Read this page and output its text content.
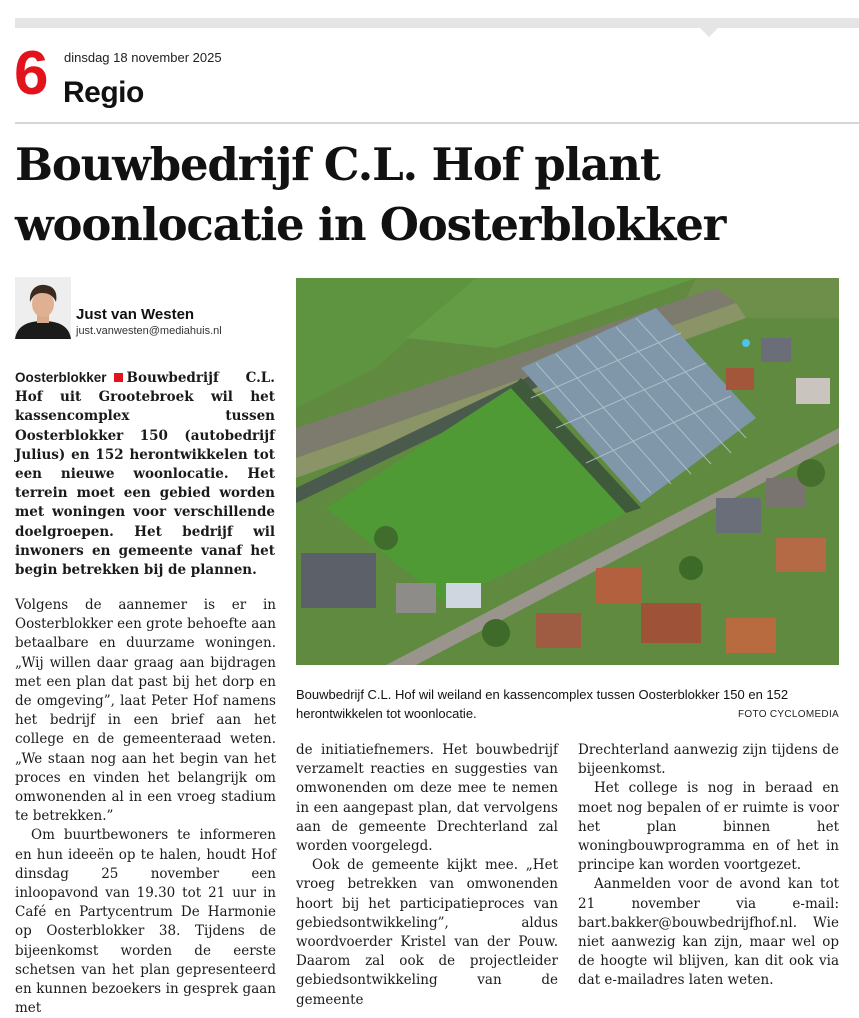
6 dinsdag 18 november 2025
Regio
Bouwbedrijf C.L. Hof plant woonlocatie in Oosterblokker
Just van Westen
just.vanwesten@mediahuis.nl

Oosterblokker Bouwbedrijf C.L. Hof uit Grootebroek wil het kassencomplex tussen Oosterblokker 150 (autobedrijf Julius) en 152 herontwikkelen tot een nieuwe woonlocatie. Het terrein moet een gebied worden met woningen voor verschillende doelgroepen. Het bedrijf wil inwoners en gemeente vanaf het begin betrekken bij de plannen.

Bouwbedrijf C.L. Hof wil weiland en kassencomplex tussen Oosterblokker 150 en 152 herontwikkelen tot woonlocatie.	FOTO CYCLOMEDIA

Volgens de aannemer is er in Oosterblokker een grote behoefte aan betaalbare en duurzame woningen. „Wij willen daar graag aan bijdragen met een plan dat past bij het dorp en de omgeving”, laat Peter Hof namens het bedrijf in een brief aan het college en de gemeenteraad weten. „We staan nog aan het begin van het proces en vinden het belangrijk om omwonenden al in een vroeg stadium te betrekken.”

Om buurtbewoners te informeren en hun ideeën op te halen, houdt Hof dinsdag 25 november een inloopavond van 19.30 tot 21 uur in Café en Partycentrum De Harmonie op Oosterblokker 38. Tijdens de bijeenkomst worden de eerste schetsen van het plan gepresenteerd en kunnen bezoekers in gesprek gaan met

de initiatiefnemers. Het bouwbedrijf verzamelt reacties en suggesties van omwonenden om deze mee te nemen in een aangepast plan, dat vervolgens aan de gemeente Drechterland zal worden voorgelegd.

Ook de gemeente kijkt mee. „Het vroeg betrekken van omwonenden hoort bij het participatieproces van gebiedsontwikkeling”, aldus woordvoerder Kristel van der Pouw. Daarom zal ook de projectleider gebiedsontwikkeling van de gemeente

Drechterland aanwezig zijn tijdens de bijeenkomst.

Het college is nog in beraad en moet nog bepalen of er ruimte is voor het plan binnen het woningbouwprogramma en of het in principe kan worden voortgezet.

Aanmelden voor de avond kan tot 21 november via e-mail: bart.bakker@bouwbedrijfhof.nl. Wie niet aanwezig kan zijn, maar wel op de hoogte wil blijven, kan dit ook via dat e-mailadres laten weten.
